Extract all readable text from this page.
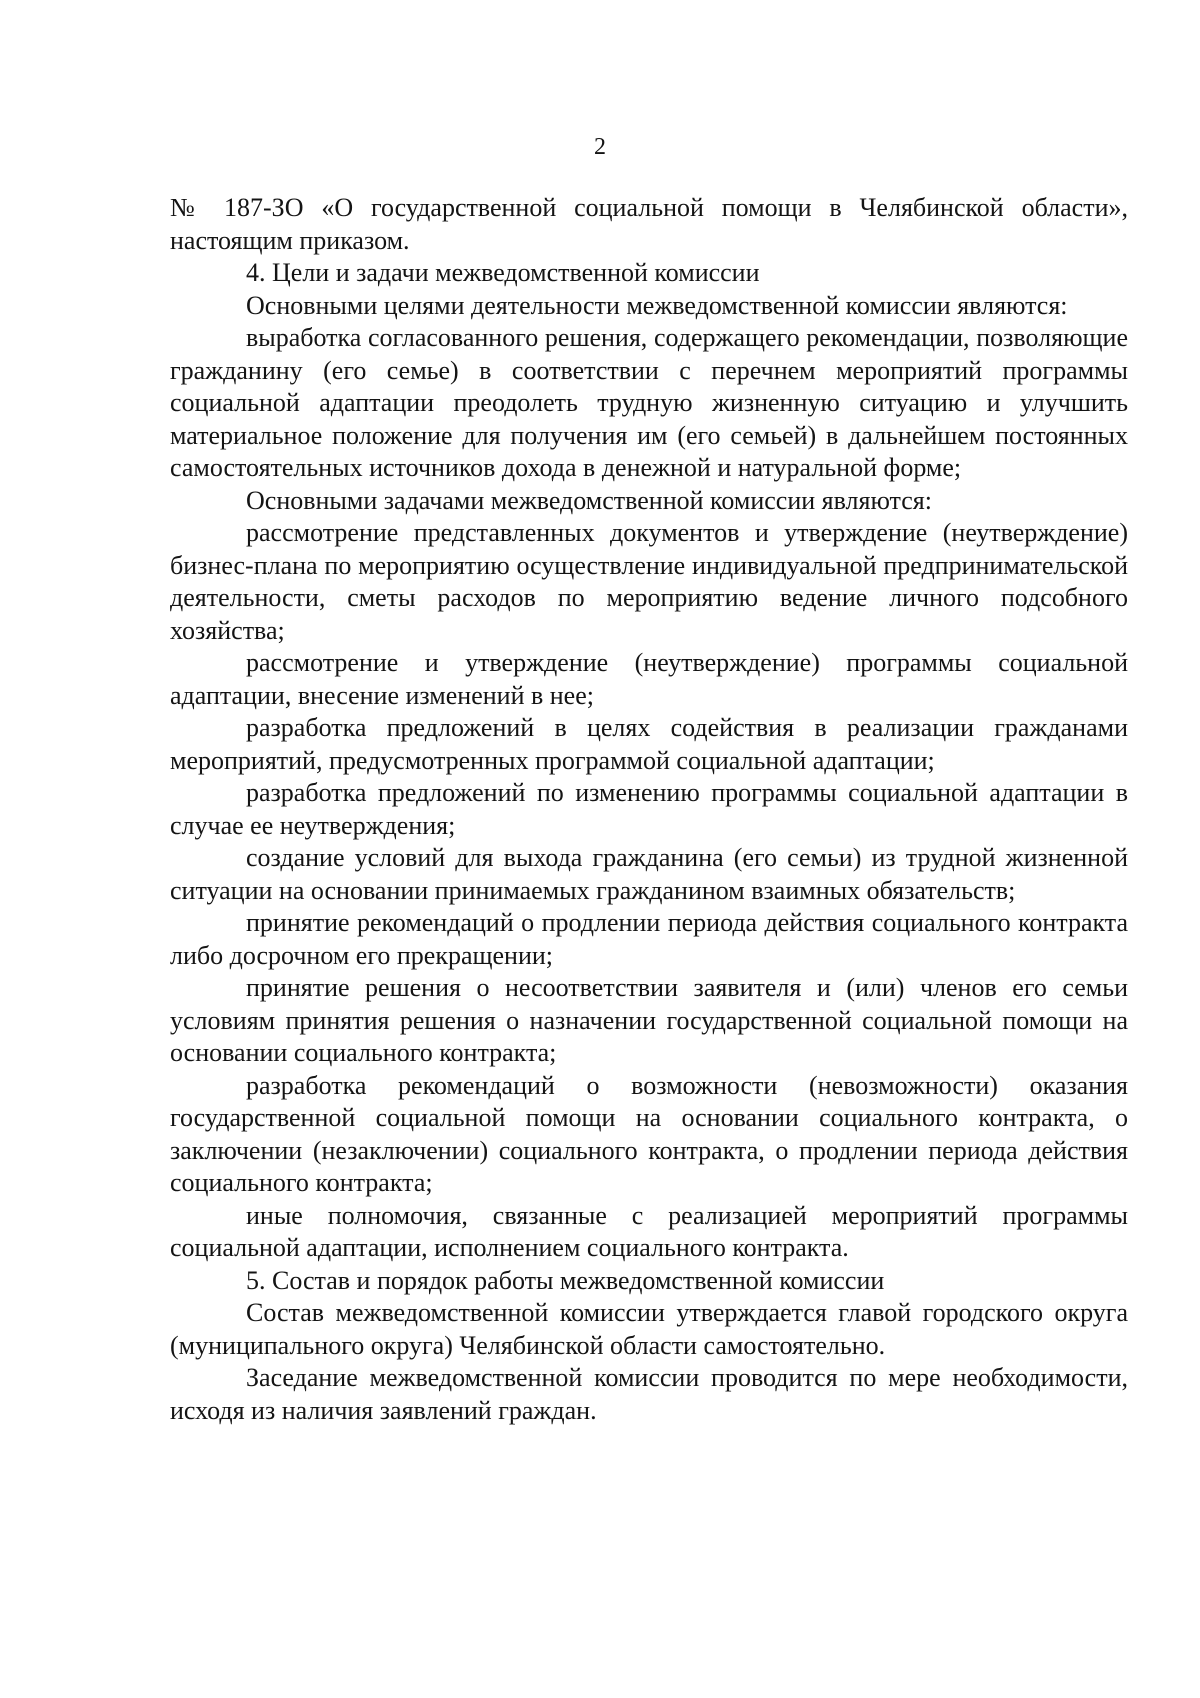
2

№ 187-ЗО «О государственной социальной помощи в Челябинской области», настоящим приказом.

4. Цели и задачи межведомственной комиссии

Основными целями деятельности межведомственной комиссии являются:

выработка согласованного решения, содержащего рекомендации, позволяющие гражданину (его семье) в соответствии с перечнем мероприятий программы социальной адаптации преодолеть трудную жизненную ситуацию и улучшить материальное положение для получения им (его семьей) в дальнейшем постоянных самостоятельных источников дохода в денежной и натуральной форме;

Основными задачами межведомственной комиссии являются:

рассмотрение представленных документов и утверждение (неутверждение) бизнес-плана по мероприятию осуществление индивидуальной предпринимательской деятельности, сметы расходов по мероприятию ведение личного подсобного хозяйства;

рассмотрение и утверждение (неутверждение) программы социальной адаптации, внесение изменений в нее;

разработка предложений в целях содействия в реализации гражданами мероприятий, предусмотренных программой социальной адаптации;

разработка предложений по изменению программы социальной адаптации в случае ее неутверждения;

создание условий для выхода гражданина (его семьи) из трудной жизненной ситуации на основании принимаемых гражданином взаимных обязательств;

принятие рекомендаций о продлении периода действия социального контракта либо досрочном его прекращении;

принятие решения о несоответствии заявителя и (или) членов его семьи условиям принятия решения о назначении государственной социальной помощи на основании социального контракта;

разработка рекомендаций о возможности (невозможности) оказания государственной социальной помощи на основании социального контракта, о заключении (незаключении) социального контракта, о продлении периода действия социального контракта;

иные полномочия, связанные с реализацией мероприятий программы социальной адаптации, исполнением социального контракта.

5. Состав и порядок работы межведомственной комиссии

Состав межведомственной комиссии утверждается главой городского округа (муниципального округа) Челябинской области самостоятельно.

Заседание межведомственной комиссии проводится по мере необходимости, исходя из наличия заявлений граждан.
